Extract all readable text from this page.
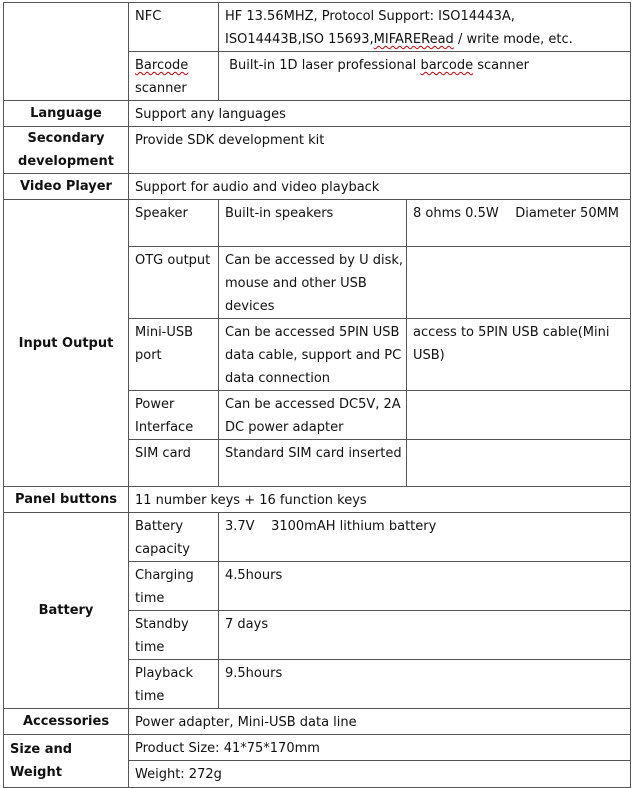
	NFC	HF 13.56MHZ, Protocol Support: ISO14443A,
ISO14443B,ISO 15693,MIFARERead / write mode, etc.	
	Barcode
scanner	Built-in 1D laser professional barcode scanner	
Language	Support any languages		
Secondary development	Provide SDK development kit		
Video Player	Support for audio and video playback		
Input Output	Speaker	Built-in speakers	8 ohms 0.5W    Diameter 50MM
	OTG output	Can be accessed by U disk, mouse and other USB devices	
	Mini-USB port	Can be accessed 5PIN USB data cable, support and PC data connection	access to 5PIN USB cable(Mini USB)
	Power Interface	Can be accessed DC5V, 2A DC power adapter	
	SIM card	Standard SIM card inserted	
Panel buttons	11 number keys + 16 function keys		
Battery	Battery capacity	3.7V    3100mAH lithium battery	
	Charging time	4.5hours	
	Standby time	7 days	
	Playback time	9.5hours	
Accessories	Power adapter, Mini-USB data line		
Size and Weight	Product Size: 41*75*170mm		
	Weight: 272g		
